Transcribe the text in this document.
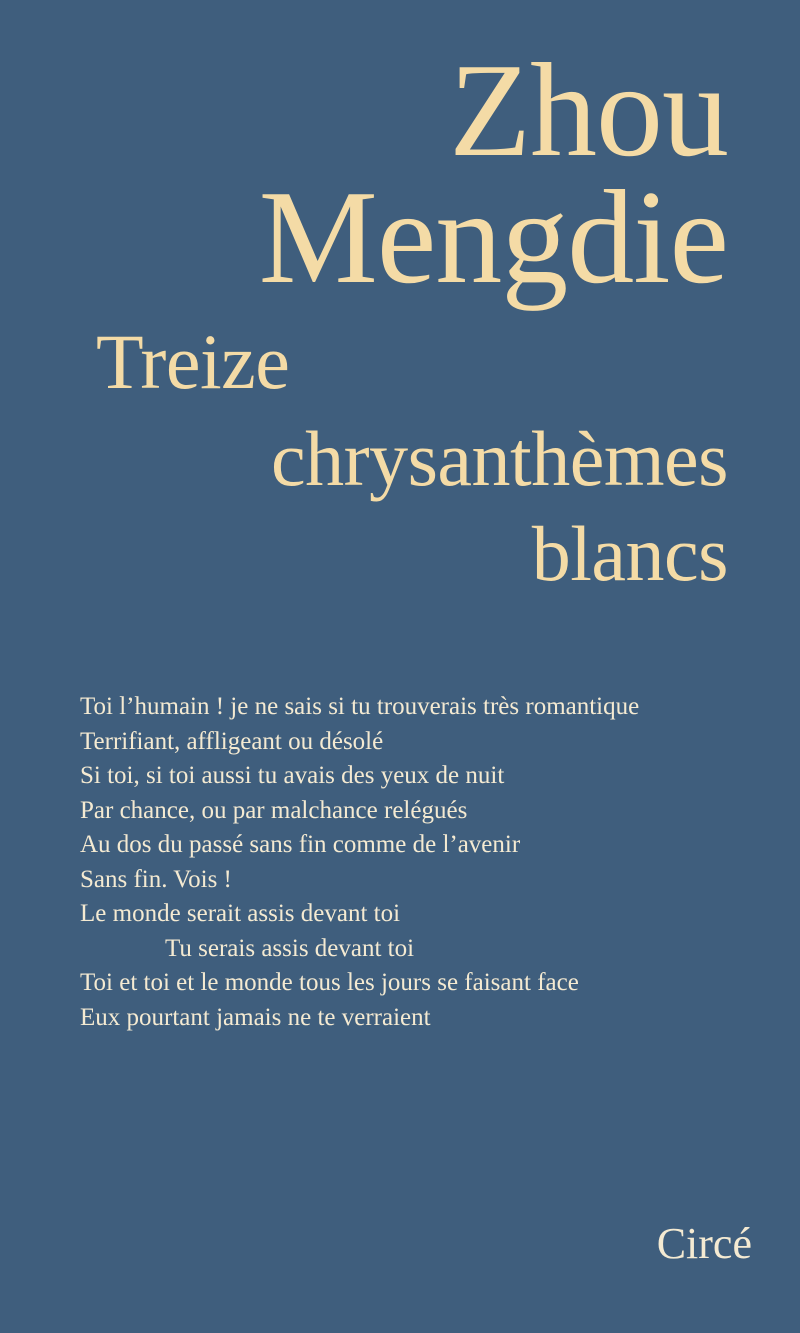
Zhou
Mengdie
Treize
chrysanthèmes
blancs
Toi l’humain ! je ne sais si tu trouverais très romantique
Terrifiant, affligeant ou désolé
Si toi, si toi aussi tu avais des yeux de nuit
Par chance, ou par malchance relégués
Au dos du passé sans fin comme de l’avenir
Sans fin. Vois !
Le monde serait assis devant toi
Tu serais assis devant toi
Toi et toi et le monde tous les jours se faisant face
Eux pourtant jamais ne te verraient
Circé
